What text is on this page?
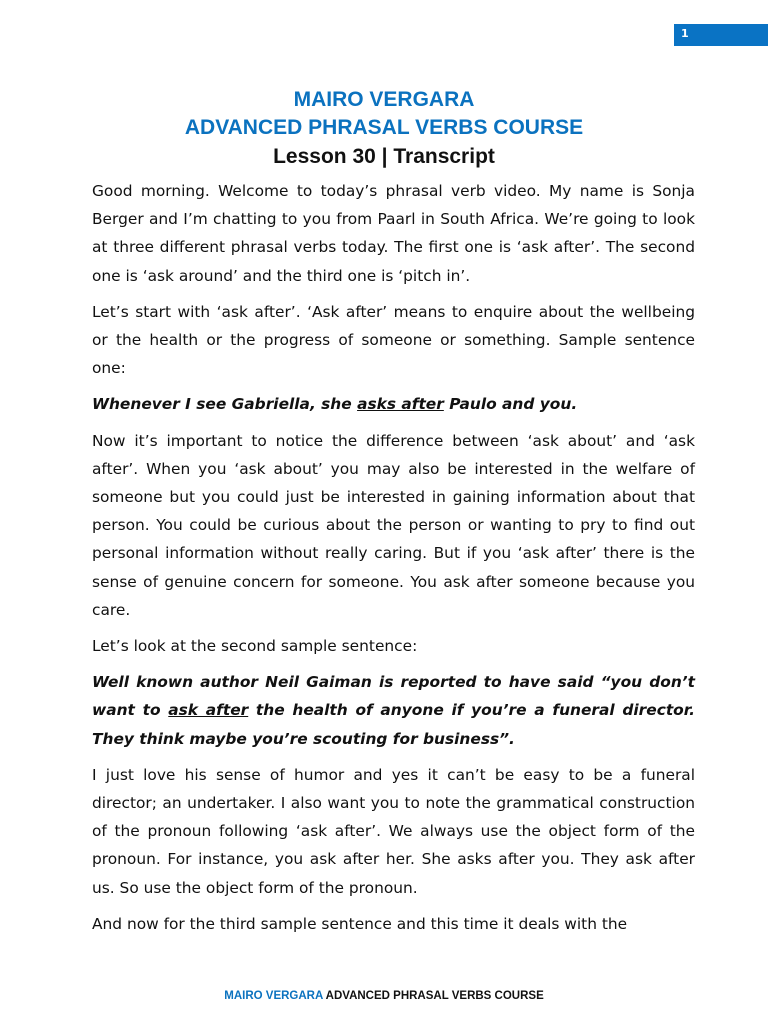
1
MAIRO VERGARA
ADVANCED PHRASAL VERBS COURSE
Lesson 30 | Transcript

Good morning. Welcome to today’s phrasal verb video. My name is Sonja Berger and I’m chatting to you from Paarl in South Africa. We’re going to look at three different phrasal verbs today. The first one is ‘ask after’. The second one is ‘ask around’ and the third one is ‘pitch in’.

Let’s start with ‘ask after’. ‘Ask after’ means to enquire about the wellbeing or the health or the progress of someone or something. Sample sentence one:

Whenever I see Gabriella, she asks after Paulo and you.

Now it’s important to notice the difference between ‘ask about’ and ‘ask after’. When you ‘ask about’ you may also be interested in the welfare of someone but you could just be interested in gaining information about that person. You could be curious about the person or wanting to pry to find out personal information without really caring. But if you ‘ask after’ there is the sense of genuine concern for someone. You ask after someone because you care.

Let’s look at the second sample sentence:

Well known author Neil Gaiman is reported to have said “you don’t want to ask after the health of anyone if you’re a funeral director. They think maybe you’re scouting for business”.

I just love his sense of humor and yes it can’t be easy to be a funeral director; an undertaker. I also want you to note the grammatical construction of the pronoun following ‘ask after’. We always use the object form of the pronoun. For instance, you ask after her. She asks after you. They ask after us. So use the object form of the pronoun.

And now for the third sample sentence and this time it deals with the

MAIRO VERGARA ADVANCED PHRASAL VERBS COURSE
